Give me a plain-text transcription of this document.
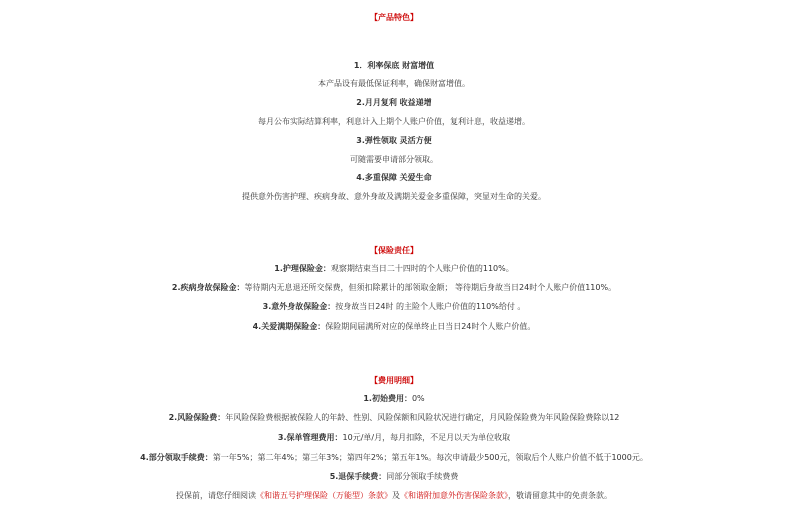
【产品特色】
1．利率保底 财富增值
本产品设有最低保证利率，确保财富增值。
2.月月复利 收益递增
每月公布实际结算利率，利息计入上期个人账户价值，复利计息，收益递增。
3.弹性领取 灵活方便
可随需要申请部分领取。
4.多重保障 关爱生命
提供意外伤害护理、疾病身故、意外身故及满期关爱金多重保障，突显对生命的关爱。
【保险责任】
1.护理保险金：观察期结束当日二十四时的个人账户价值的110%。
2.疾病身故保险金：等待期内无息退还所交保费，但须扣除累计的部领取金额； 等待期后身故当日24时个人账户价值110%。
3.意外身故保险金：按身故当日24时 的主险个人账户价值的110%给付 。
4.关爱满期保险金：保险期间届满所对应的保单终止日当日24时个人账户价值。
【费用明细】
1.初始费用：0%
2.风险保险费：年风险保险费根据被保险人的年龄、性别、风险保额和风险状况进行确定，月风险保险费为年风险保险费除以12
3.保单管理费用：10元/单/月，每月扣除，不足月以天为单位收取
4.部分领取手续费：第一年5%；第二年4%；第三年3%；第四年2%；第五年1%。每次申请最少500元，领取后个人账户价值不低于1000元。
5.退保手续费：同部分领取手续费费
投保前，请您仔细阅读《和谐五号护理保险（万能型）条款》及《和谐附加意外伤害保险条款》，敬请留意其中的免责条款。
